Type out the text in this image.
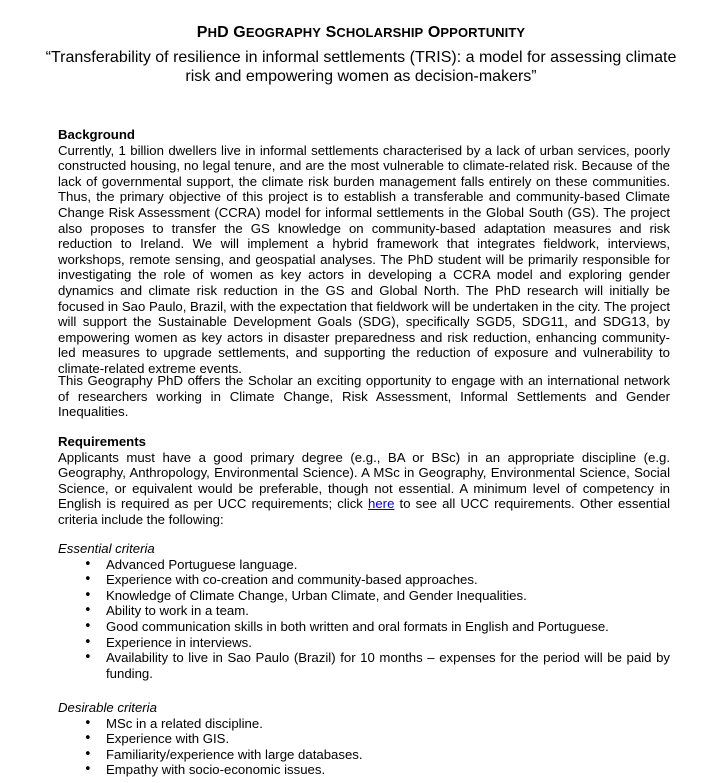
PHD GEOGRAPHY SCHOLARSHIP OPPORTUNITY
“Transferability of resilience in informal settlements (TRIS): a model for assessing climate risk and empowering women as decision-makers”
Background
Currently, 1 billion dwellers live in informal settlements characterised by a lack of urban services, poorly constructed housing, no legal tenure, and are the most vulnerable to climate-related risk. Because of the lack of governmental support, the climate risk burden management falls entirely on these communities. Thus, the primary objective of this project is to establish a transferable and community-based Climate Change Risk Assessment (CCRA) model for informal settlements in the Global South (GS). The project also proposes to transfer the GS knowledge on community-based adaptation measures and risk reduction to Ireland. We will implement a hybrid framework that integrates fieldwork, interviews, workshops, remote sensing, and geospatial analyses. The PhD student will be primarily responsible for investigating the role of women as key actors in developing a CCRA model and exploring gender dynamics and climate risk reduction in the GS and Global North. The PhD research will initially be focused in Sao Paulo, Brazil, with the expectation that fieldwork will be undertaken in the city. The project will support the Sustainable Development Goals (SDG), specifically SGD5, SDG11, and SDG13, by empowering women as key actors in disaster preparedness and risk reduction, enhancing community-led measures to upgrade settlements, and supporting the reduction of exposure and vulnerability to climate-related extreme events.
This Geography PhD offers the Scholar an exciting opportunity to engage with an international network of researchers working in Climate Change, Risk Assessment, Informal Settlements and Gender Inequalities.
Requirements
Applicants must have a good primary degree (e.g., BA or BSc) in an appropriate discipline (e.g. Geography, Anthropology, Environmental Science). A MSc in Geography, Environmental Science, Social Science, or equivalent would be preferable, though not essential. A minimum level of competency in English is required as per UCC requirements; click here to see all UCC requirements. Other essential criteria include the following:
Essential criteria
• Advanced Portuguese language.
• Experience with co-creation and community-based approaches.
• Knowledge of Climate Change, Urban Climate, and Gender Inequalities.
• Ability to work in a team.
• Good communication skills in both written and oral formats in English and Portuguese.
• Experience in interviews.
• Availability to live in Sao Paulo (Brazil) for 10 months – expenses for the period will be paid by funding.
Desirable criteria
• MSc in a related discipline.
• Experience with GIS.
• Familiarity/experience with large databases.
• Empathy with socio-economic issues.
